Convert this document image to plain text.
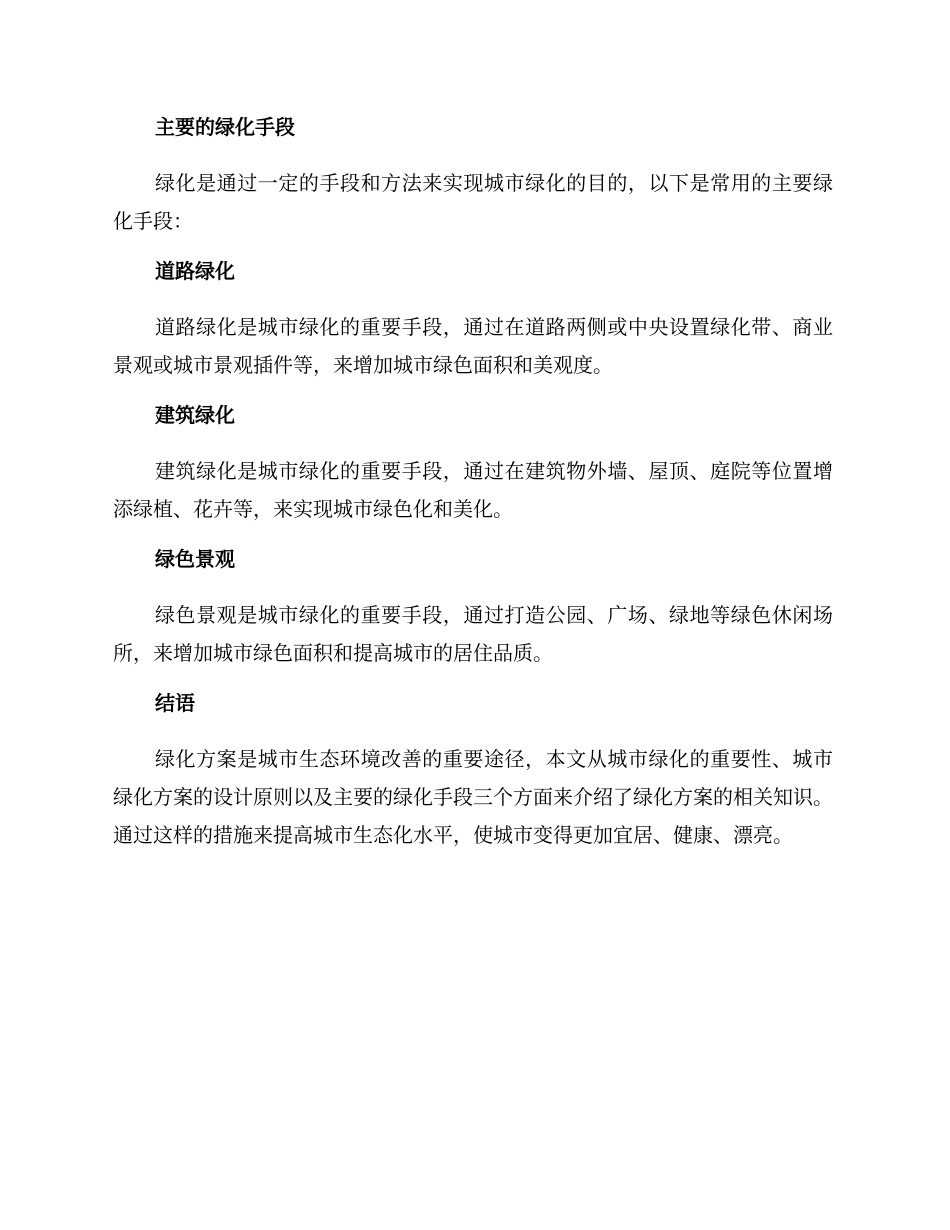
主要的绿化手段

绿化是通过一定的手段和方法来实现城市绿化的目的，以下是常用的主要绿化手段：

道路绿化

道路绿化是城市绿化的重要手段，通过在道路两侧或中央设置绿化带、商业景观或城市景观插件等，来增加城市绿色面积和美观度。

建筑绿化

建筑绿化是城市绿化的重要手段，通过在建筑物外墙、屋顶、庭院等位置增添绿植、花卉等，来实现城市绿色化和美化。

绿色景观

绿色景观是城市绿化的重要手段，通过打造公园、广场、绿地等绿色休闲场所，来增加城市绿色面积和提高城市的居住品质。

结语

绿化方案是城市生态环境改善的重要途径，本文从城市绿化的重要性、城市绿化方案的设计原则以及主要的绿化手段三个方面来介绍了绿化方案的相关知识。通过这样的措施来提高城市生态化水平，使城市变得更加宜居、健康、漂亮。
